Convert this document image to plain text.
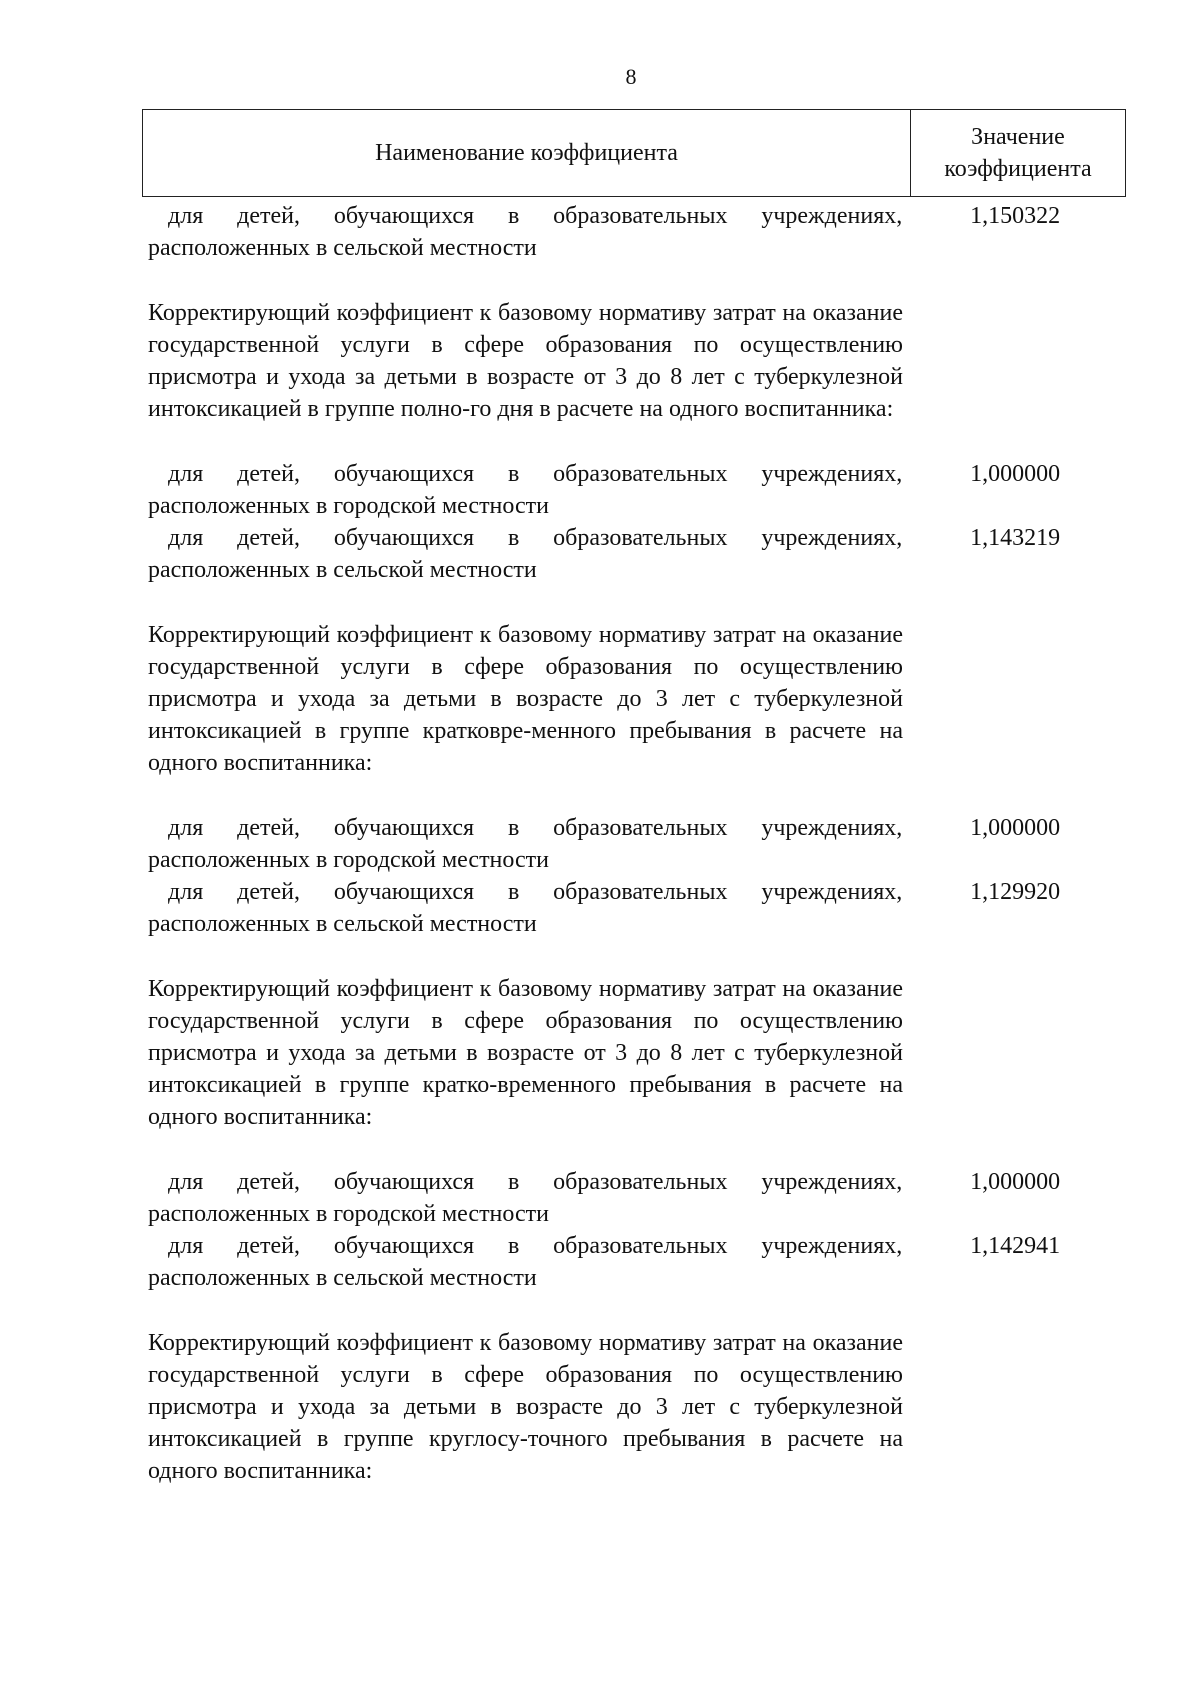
8
Наименование коэффициента
Значение
коэффициента
для детей, обучающихся в образовательных учреждениях, расположенных в сельской местности
1,150322
Корректирующий коэффициент к базовому нормативу затрат на оказание государственной услуги в сфере образования по осуществлению присмотра и ухода за детьми в возрасте от 3 до 8 лет с туберкулезной интоксикацией в группе полно-го дня в расчете на одного воспитанника:
для детей, обучающихся в образовательных учреждениях, расположенных в городской местности
1,000000
для детей, обучающихся в образовательных учреждениях, расположенных в сельской местности
1,143219
Корректирующий коэффициент к базовому нормативу затрат на оказание государственной услуги в сфере образования по осуществлению присмотра и ухода за детьми в возрасте до 3 лет с туберкулезной интоксикацией в группе кратковре-менного пребывания в расчете на одного воспитанника:
для детей, обучающихся в образовательных учреждениях, расположенных в городской местности
1,000000
для детей, обучающихся в образовательных учреждениях, расположенных в сельской местности
1,129920
Корректирующий коэффициент к базовому нормативу затрат на оказание государственной услуги в сфере образования по осуществлению присмотра и ухода за детьми в возрасте от 3 до 8 лет с туберкулезной интоксикацией в группе кратко-временного пребывания в расчете на одного воспитанника:
для детей, обучающихся в образовательных учреждениях, расположенных в городской местности
1,000000
для детей, обучающихся в образовательных учреждениях, расположенных в сельской местности
1,142941
Корректирующий коэффициент к базовому нормативу затрат на оказание государственной услуги в сфере образования по осуществлению присмотра и ухода за детьми в возрасте до 3 лет с туберкулезной интоксикацией в группе круглосу-точного пребывания в расчете на одного воспитанника:
